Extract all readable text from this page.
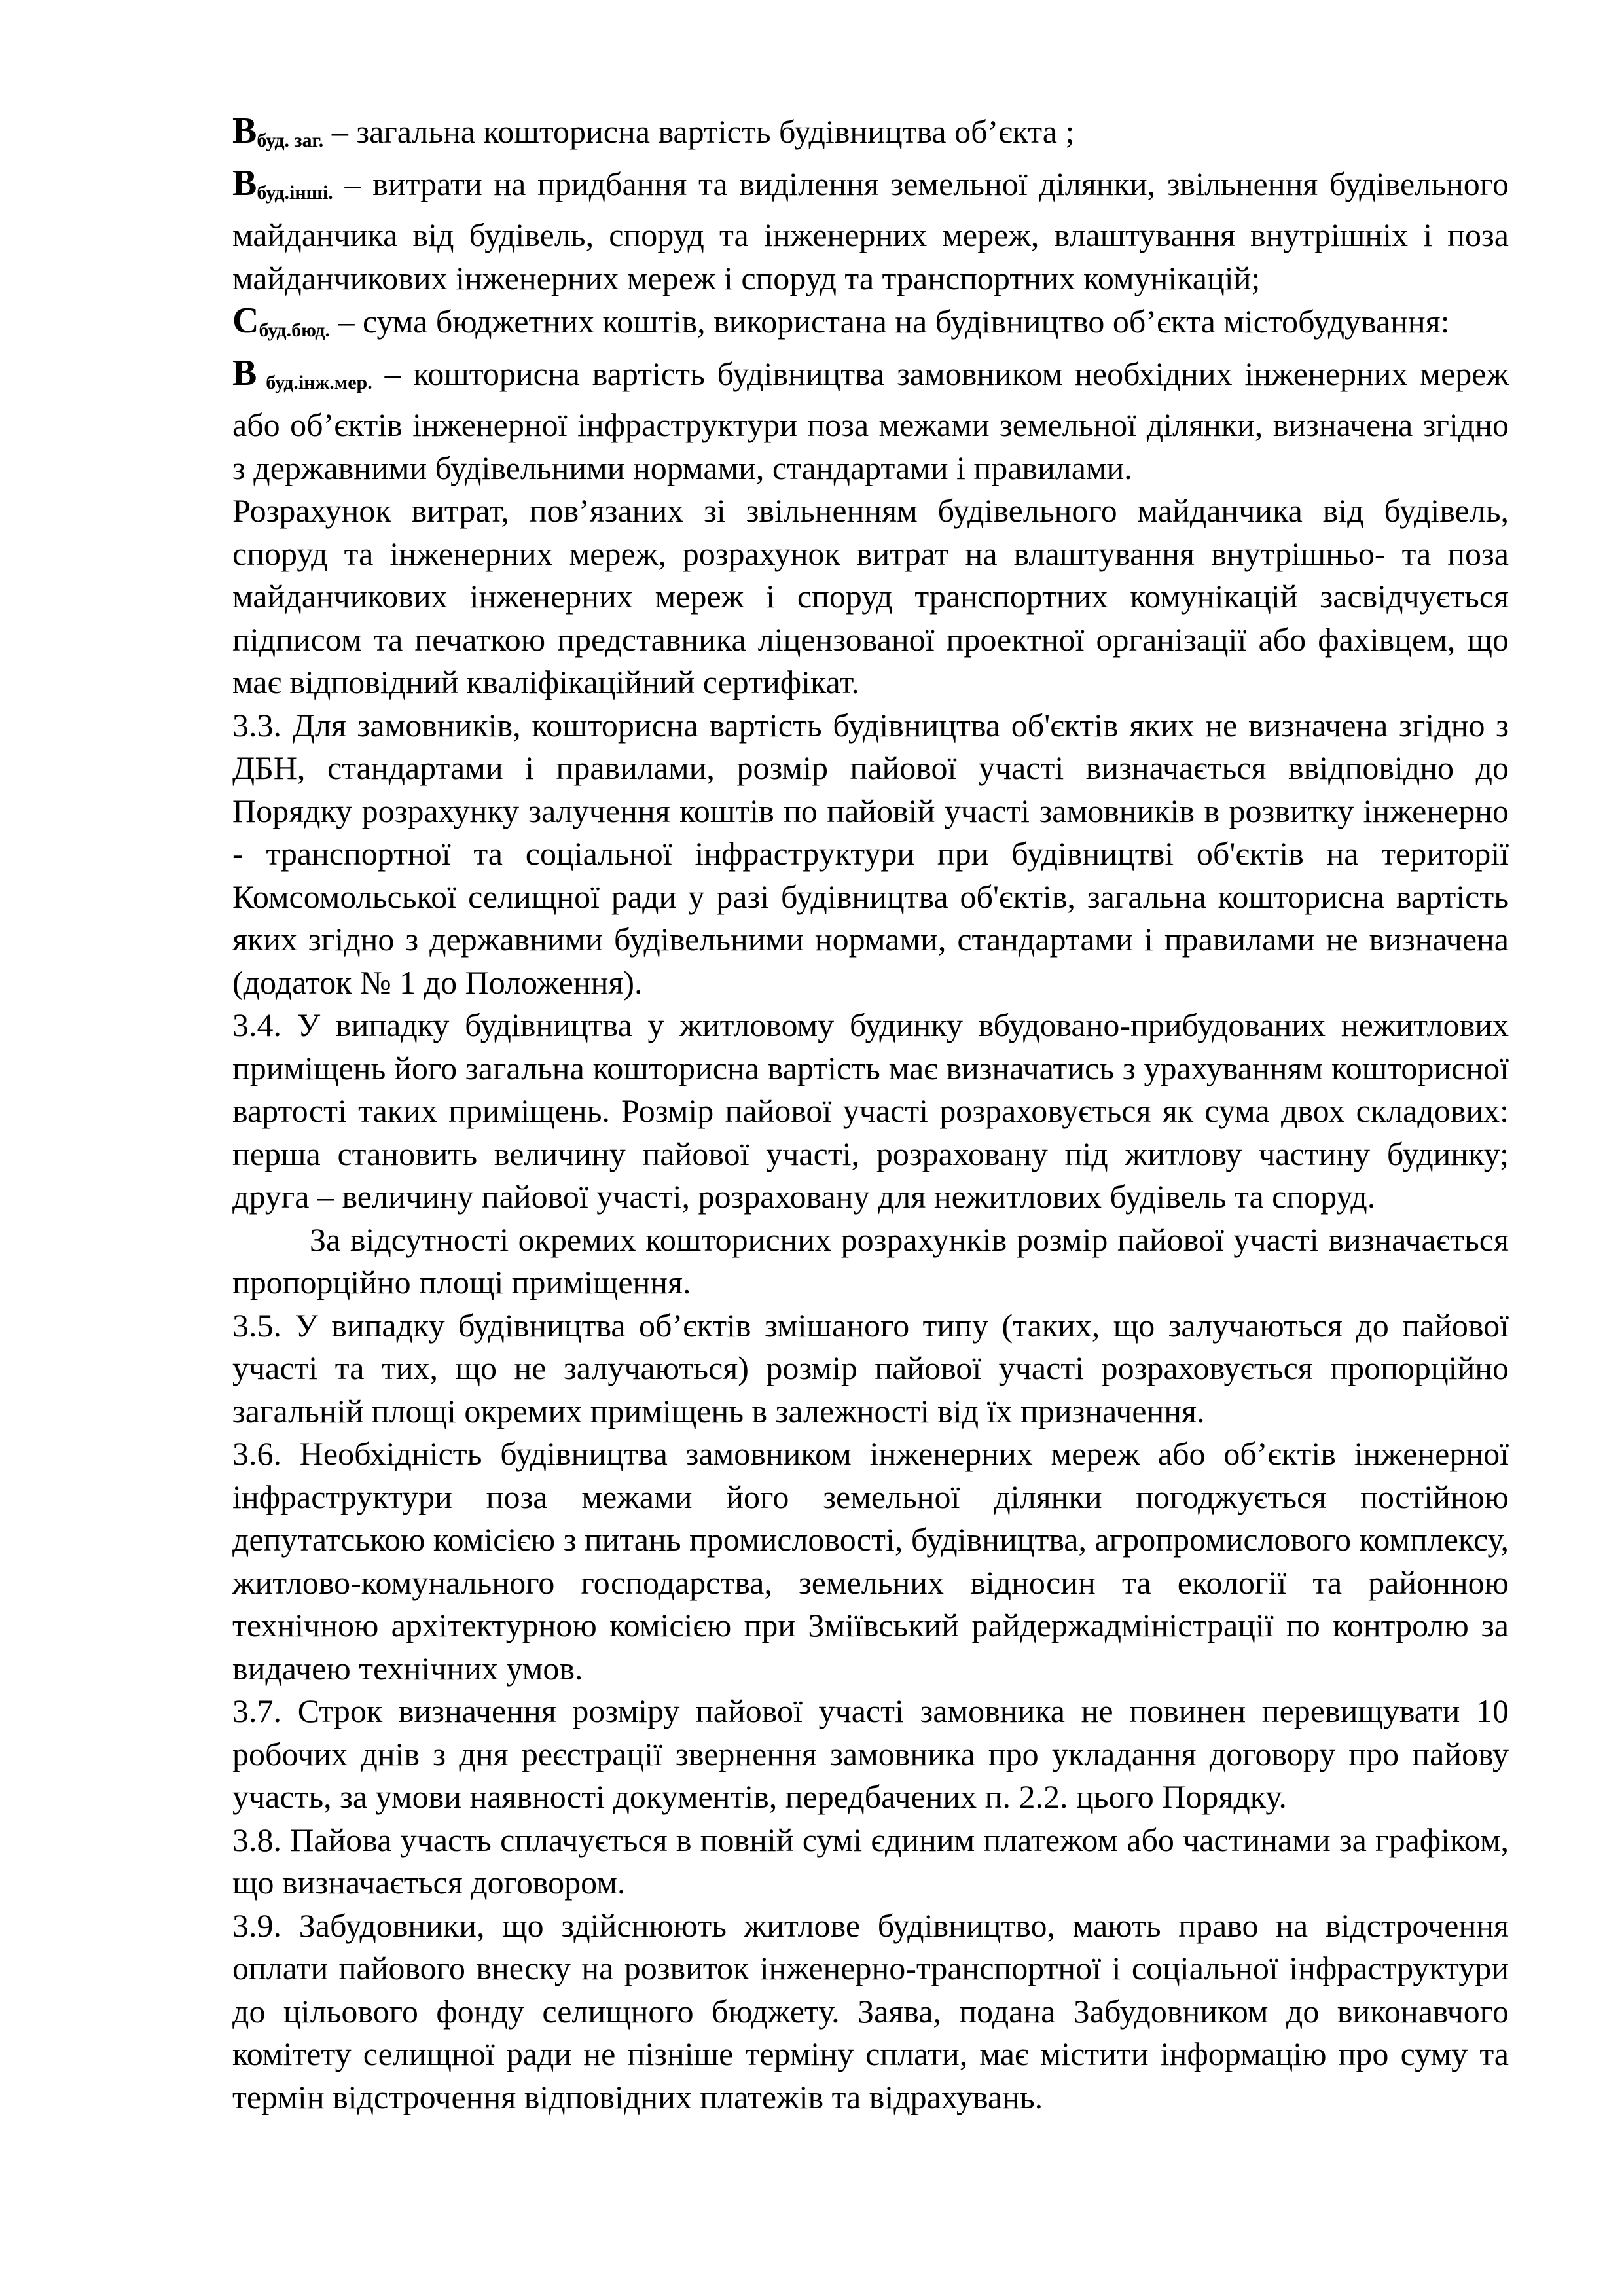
$В_{буд. заг.}$ – загальна кошторисна вартість будівництва об’єкта ;

$В_{буд.інші.}$ – витрати на придбання та виділення земельної ділянки, звільнення будівельного майданчика від будівель, споруд та інженерних мереж, влаштування внутрішніх і поза майданчикових інженерних мереж і споруд та транспортних комунікацій;

$С_{буд.бюд.}$ – сума бюджетних коштів, використана на будівництво об’єкта містобудування:

В $_{буд.інж.мер.}$ – кошторисна вартість будівництва замовником необхідних інженерних мереж або об’єктів інженерної інфраструктури поза межами земельної ділянки, визначена згідно з державними будівельними нормами, стандартами і правилами.

Розрахунок витрат, пов’язаних зі звільненням будівельного майданчика від будівель, споруд та інженерних мереж, розрахунок витрат на влаштування внутрішньо- та поза майданчикових інженерних мереж і споруд транспортних комунікацій засвідчується підписом та печаткою представника ліцензованої проектної організації або фахівцем, що має відповідний кваліфікаційний сертифікат.

3.3. Для замовників, кошторисна вартість будівництва об'єктів яких не визначена згідно з ДБН, стандартами і правилами, розмір пайової участі визначається ввідповідно до Порядку розрахунку залучення коштів по пайовій участі замовників в розвитку інженерно - транспортної та соціальної інфраструктури при будівництві об'єктів на території Комсомольської селищної ради у разі будівництва об'єктів, загальна кошторисна вартість яких згідно з державними будівельними нормами, стандартами і правилами не визначена (додаток № 1 до Положення).

3.4. У випадку будівництва у житловому будинку вбудовано-прибудованих нежитлових приміщень його загальна кошторисна вартість має визначатись з урахуванням кошторисної вартості таких приміщень. Розмір пайової участі розраховується як сума двох складових: перша становить величину пайової участі, розраховану під житлову частину будинку; друга – величину пайової участі, розраховану для нежитлових будівель та споруд.

За відсутності окремих кошторисних розрахунків розмір пайової участі визначається пропорційно площі приміщення.

3.5. У випадку будівництва об’єктів змішаного типу (таких, що залучаються до пайової участі та тих, що не залучаються) розмір пайової участі розраховується пропорційно загальній площі окремих приміщень в залежності від їх призначення.

3.6. Необхідність будівництва замовником інженерних мереж або об’єктів інженерної інфраструктури поза межами його земельної ділянки погоджується постійною депутатською комісією з питань промисловості, будівництва, агропромислового комплексу, житлово-комунального господарства, земельних відносин та екології та районною технічною архітектурною комісією при Зміївський райдержадміністрації по контролю за видачею технічних умов.

3.7. Строк визначення розміру пайової участі замовника не повинен перевищувати 10 робочих днів з дня реєстрації звернення замовника про укладання договору про пайову участь, за умови наявності документів, передбачених п. 2.2. цього Порядку.

3.8. Пайова участь сплачується в повній сумі єдиним платежом або частинами за графіком, що визначається договором.

3.9. Забудовники, що здійснюють житлове будівництво, мають право на відстрочення оплати пайового внеску на розвиток інженерно-транспортної і соціальної інфраструктури до цільового фонду селищного бюджету. Заява, подана Забудовником до виконавчого комітету селищної ради не пізніше терміну сплати, має містити інформацію про суму та термін відстрочення відповідних платежів та відрахувань.
